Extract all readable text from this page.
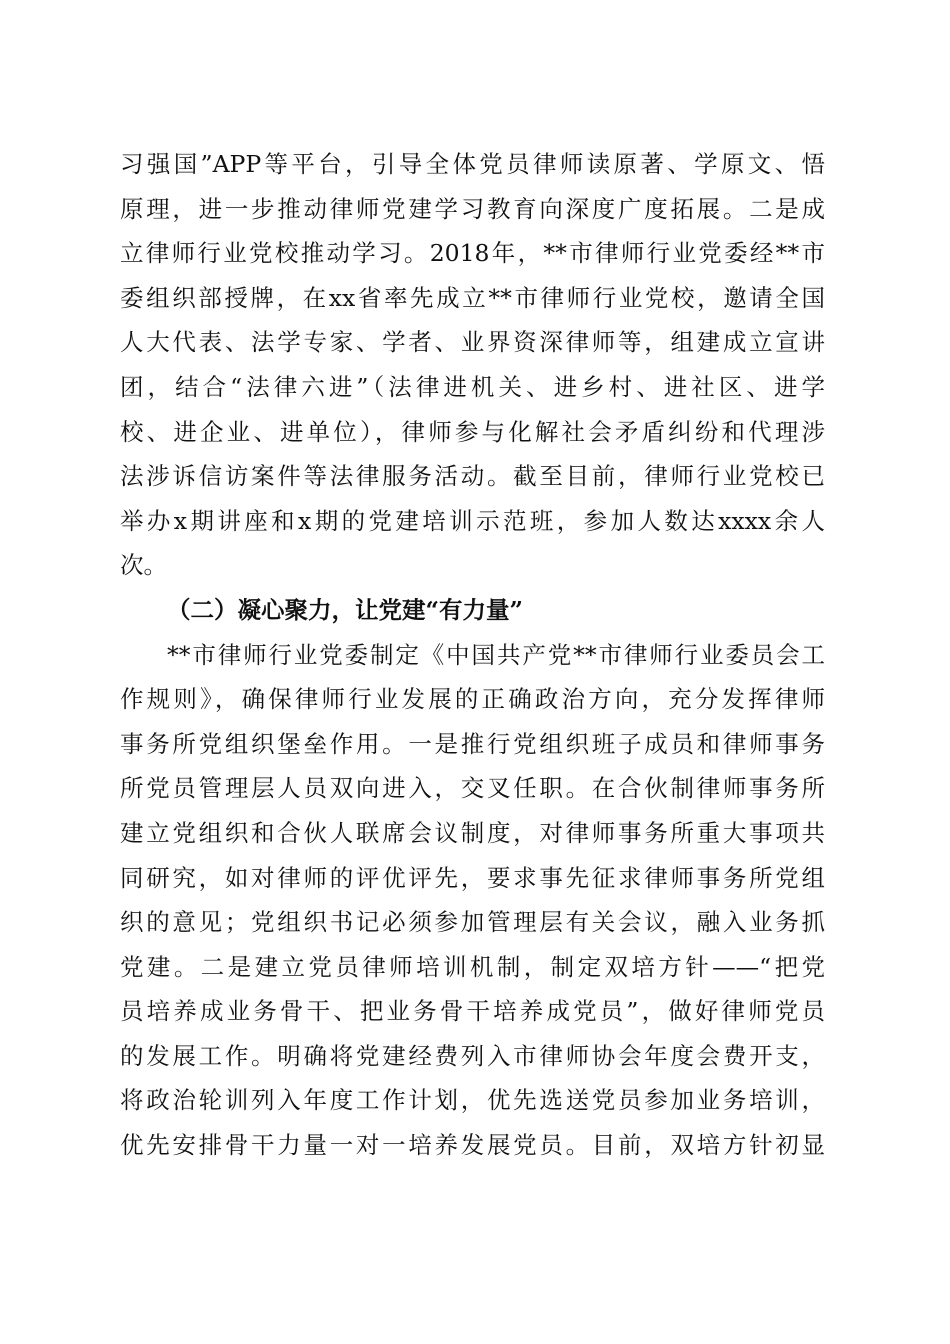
习强国”APP等平台，引导全体党员律师读原著、学原文、悟
原理，进一步推动律师党建学习教育向深度广度拓展。二是成
立律师行业党校推动学习。2018年，**市律师行业党委经**市
委组织部授牌，在xx省率先成立**市律师行业党校，邀请全国
人大代表、法学专家、学者、业界资深律师等，组建成立宣讲
团，结合“法律六进”（法律进机关、进乡村、进社区、进学
校、进企业、进单位），律师参与化解社会矛盾纠纷和代理涉
法涉诉信访案件等法律服务活动。截至目前，律师行业党校已
举办x期讲座和x期的党建培训示范班，参加人数达xxxx余人
次。
（二）凝心聚力，让党建“有力量”
**市律师行业党委制定《中国共产党**市律师行业委员会工
作规则》，确保律师行业发展的正确政治方向，充分发挥律师
事务所党组织堡垒作用。一是推行党组织班子成员和律师事务
所党员管理层人员双向进入，交叉任职。在合伙制律师事务所
建立党组织和合伙人联席会议制度，对律师事务所重大事项共
同研究，如对律师的评优评先，要求事先征求律师事务所党组
织的意见；党组织书记必须参加管理层有关会议，融入业务抓
党建。二是建立党员律师培训机制，制定双培方针——“把党
员培养成业务骨干、把业务骨干培养成党员”，做好律师党员
的发展工作。明确将党建经费列入市律师协会年度会费开支，
将政治轮训列入年度工作计划，优先选送党员参加业务培训，
优先安排骨干力量一对一培养发展党员。目前，双培方针初显
